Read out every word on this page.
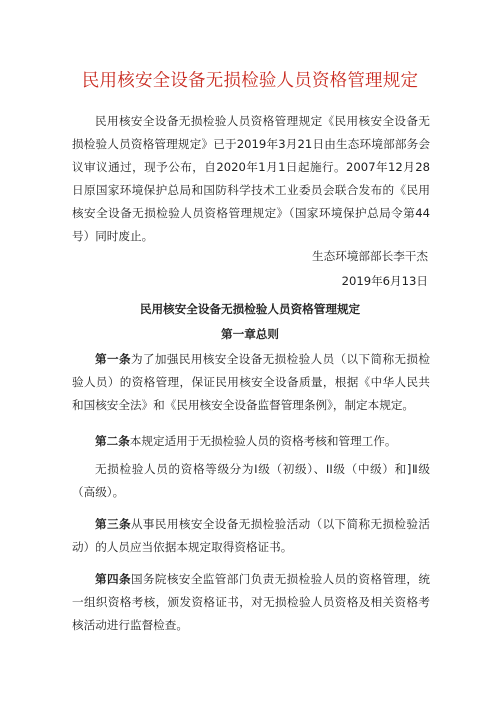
民用核安全设备无损检验人员资格管理规定

民用核安全设备无损检验人员资格管理规定《民用核安全设备无损检验人员资格管理规定》已于2019年3月21日由生态环境部部务会议审议通过，现予公布，自2020年1月1日起施行。2007年12月28日原国家环境保护总局和国防科学技术工业委员会联合发布的《民用核安全设备无损检验人员资格管理规定》（国家环境保护总局令第44号）同时废止。

生态环境部部长李干杰
2019年6月13日
民用核安全设备无损检验人员资格管理规定
第一章总则

第一条为了加强民用核安全设备无损检验人员（以下简称无损检验人员）的资格管理，保证民用核安全设备质量，根据《中华人民共和国核安全法》和《民用核安全设备监督管理条例》，制定本规定。

第二条本规定适用于无损检验人员的资格考核和管理工作。

无损检验人员的资格等级分为I级（初级）、II级（中级）和]Ⅱ级（高级）。

第三条从事民用核安全设备无损检验活动（以下简称无损检验活动）的人员应当依据本规定取得资格证书。

第四条国务院核安全监管部门负责无损检验人员的资格管理，统一组织资格考核，颁发资格证书，对无损检验人员资格及相关资格考核活动进行监督检查。
